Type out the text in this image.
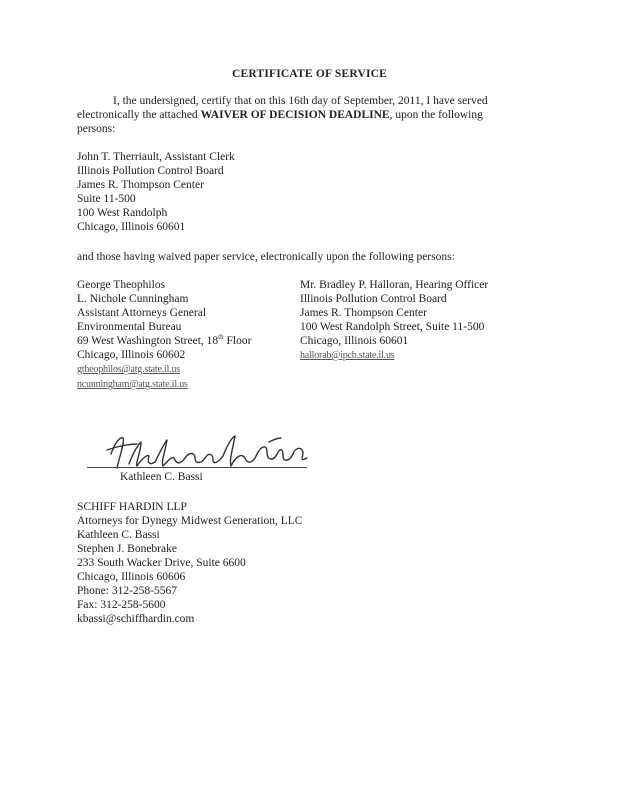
CERTIFICATE OF SERVICE
I, the undersigned, certify that on this 16th day of September, 2011, I have served electronically the attached WAIVER OF DECISION DEADLINE, upon the following persons:
John T. Therriault, Assistant Clerk
Illinois Pollution Control Board
James R. Thompson Center
Suite 11-500
100 West Randolph
Chicago, Illinois 60601
and those having waived paper service, electronically upon the following persons:
George Theophilos
L. Nichole Cunningham
Assistant Attorneys General
Environmental Bureau
69 West Washington Street, 18th Floor
Chicago, Illinois 60602
gtheophilos@atg.state.il.us
ncunningham@atg.state.il.us
Mr. Bradley P. Halloran, Hearing Officer
Illinois Pollution Control Board
James R. Thompson Center
100 West Randolph Street, Suite 11-500
Chicago, Illinois 60601
hallorab@ipcb.state.il.us
Kathleen C. Bassi
SCHIFF HARDIN LLP
Attorneys for Dynegy Midwest Generation, LLC
Kathleen C. Bassi
Stephen J. Bonebrake
233 South Wacker Drive, Suite 6600
Chicago, Illinois 60606
Phone: 312-258-5567
Fax: 312-258-5600
kbassi@schiffhardin.com
